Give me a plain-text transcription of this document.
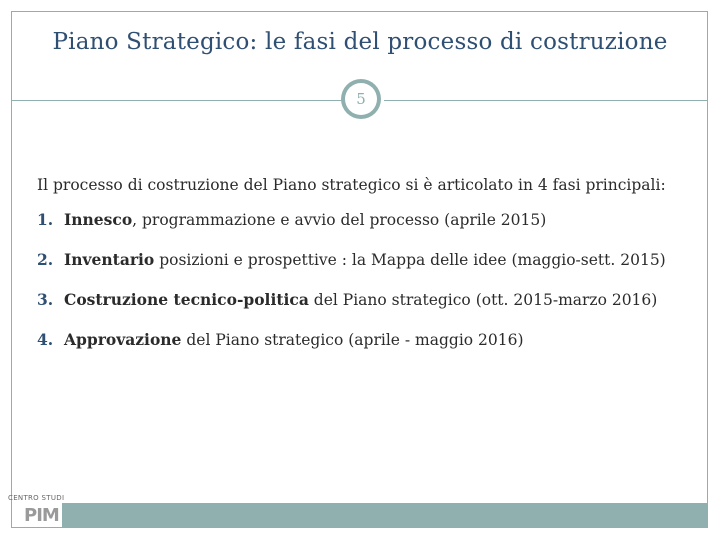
Piano Strategico: le fasi del processo di costruzione
5
Il processo di costruzione del Piano strategico si è articolato in 4 fasi principali:
1. Innesco, programmazione e avvio del processo (aprile 2015)
2. Inventario posizioni e prospettive : la Mappa delle idee (maggio-sett. 2015)
3. Costruzione tecnico-politica del Piano strategico (ott. 2015-marzo 2016)
4. Approvazione del Piano strategico (aprile - maggio 2016)
CENTRO STUDI
PIM
